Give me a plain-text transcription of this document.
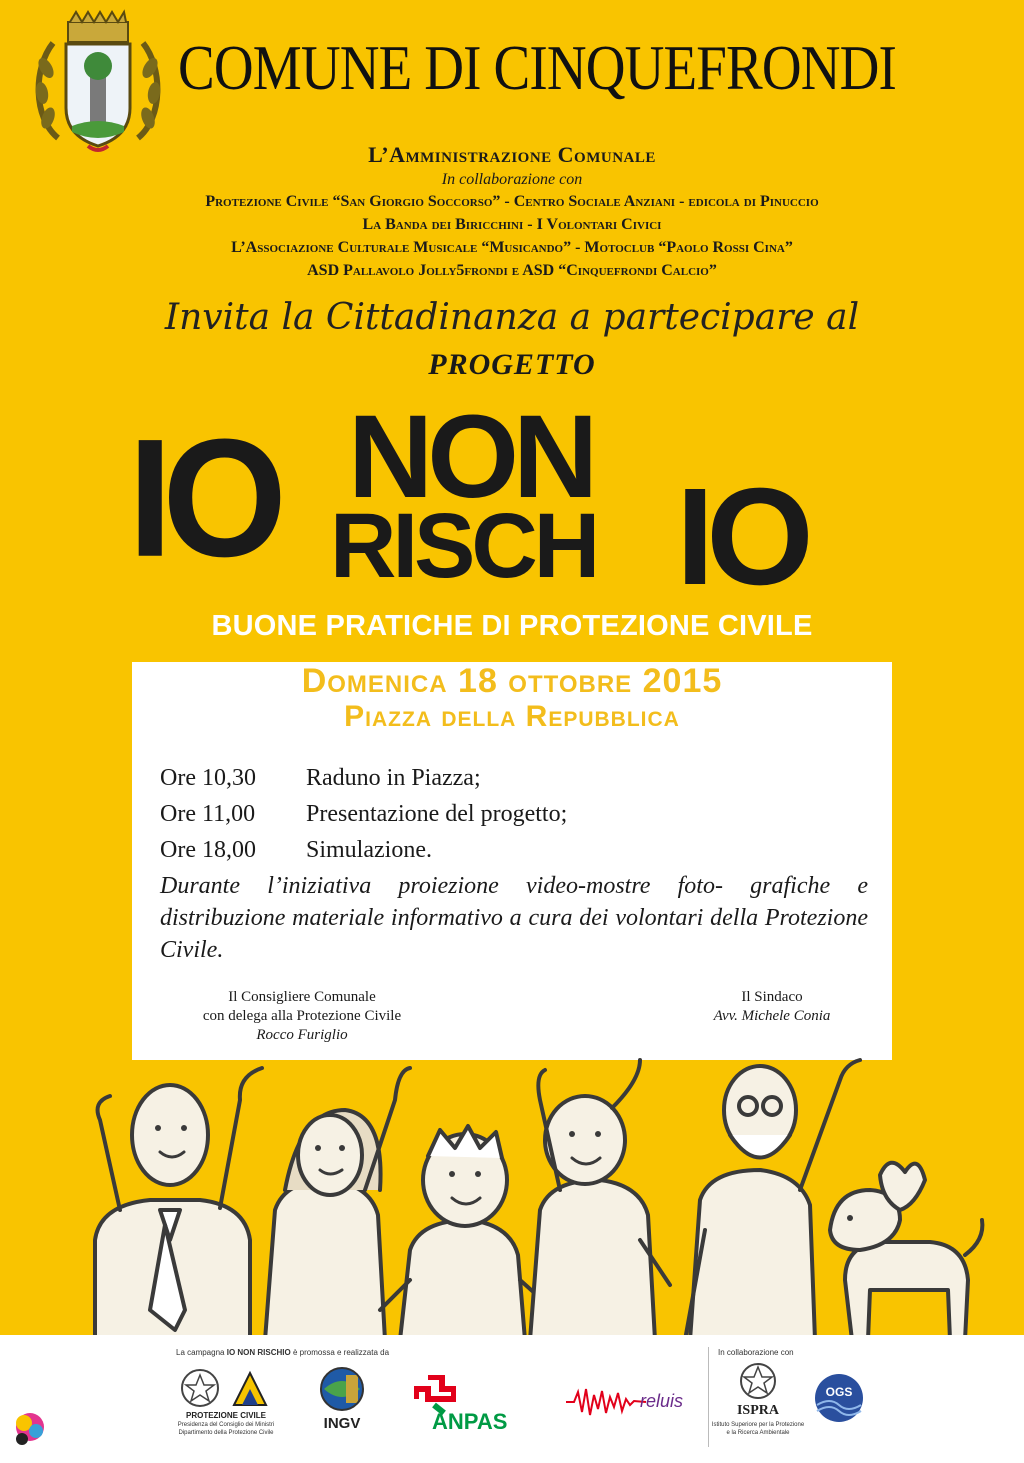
COMUNE DI CINQUEFRONDI
L’Amministrazione Comunale
In collaborazione con
Protezione Civile “San Giorgio Soccorso” - Centro Sociale Anziani - edicola di Pinuccio
La Banda dei Biricchini - I Volontari Civici
L’Associazione Culturale Musicale “Musicando” - Motoclub “Paolo Rossi Cina”
ASD Pallavolo Jolly5frondi e ASD “Cinquefrondi Calcio”
Invita la Cittadinanza a partecipare al
PROGETTO
IO NON
RISCH IO
BUONE PRATICHE DI PROTEZIONE CIVILE
Domenica 18 ottobre 2015
Piazza della Repubblica
Ore 10,30	Raduno in Piazza;
Ore 11,00	Presentazione del progetto;
Ore 18,00	Simulazione.
Durante l’iniziativa proiezione video-mostre foto- grafiche e distribuzione materiale informativo a cura dei volontari della Protezione Civile.
Il Consigliere Comunale
con delega alla Protezione Civile
Rocco Furiglio
Il Sindaco
Avv. Michele Conia
La campagna IO NON RISCHIO è promossa e realizzata da	In collaborazione con
PROTEZIONE CIVILE
Presidenza del Consiglio dei Ministri
Dipartimento della Protezione Civile
INGV	ANPAS
reluis	ISPRA
Istituto Superiore per la Protezione
e la Ricerca Ambientale
OGS
